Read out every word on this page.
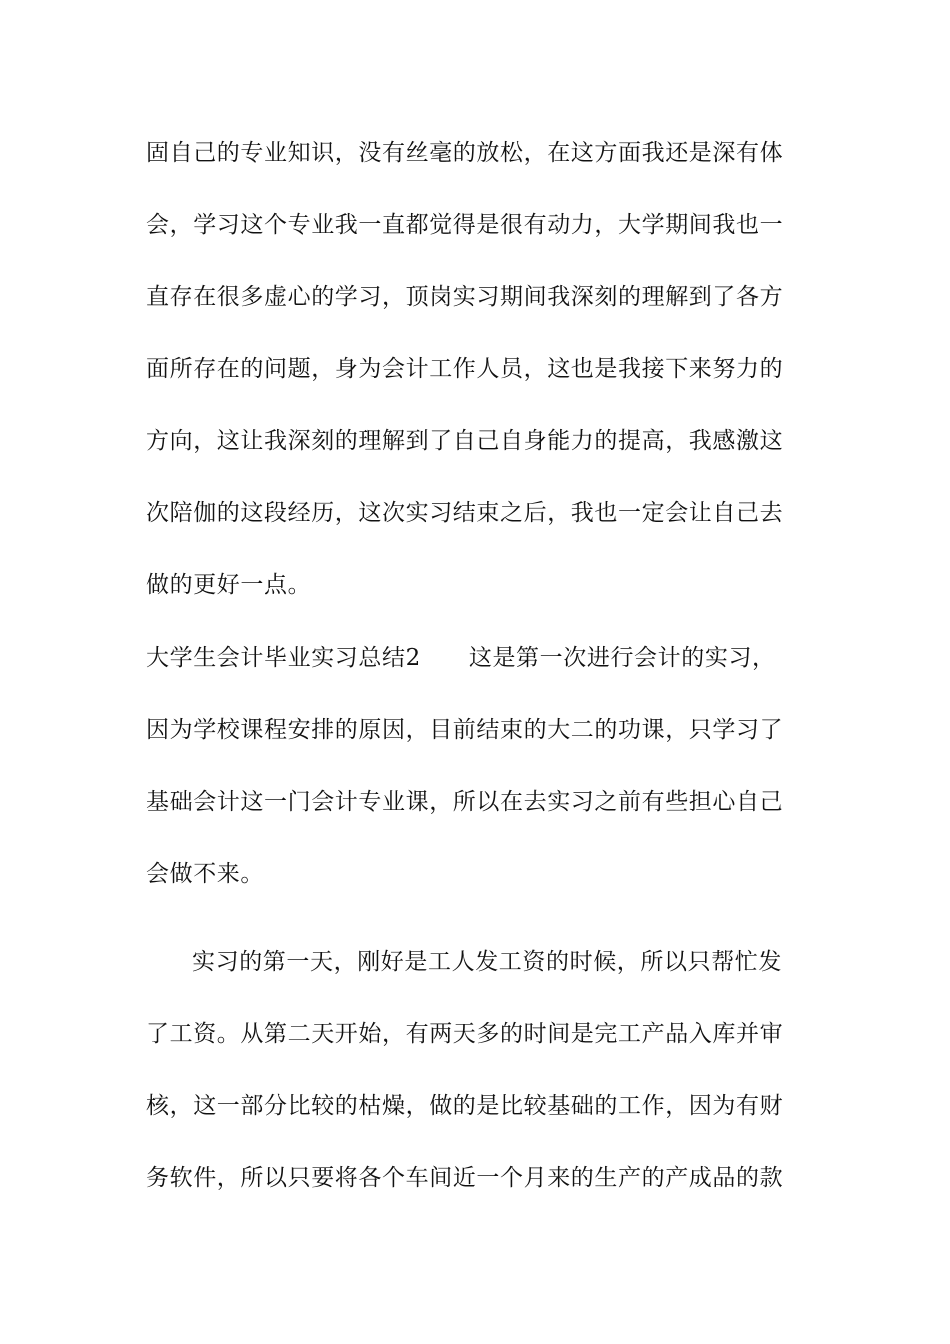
固自己的专业知识，没有丝毫的放松，在这方面我还是深有体
会，学习这个专业我一直都觉得是很有动力，大学期间我也一
直存在很多虚心的学习，顶岗实习期间我深刻的理解到了各方
面所存在的问题，身为会计工作人员，这也是我接下来努力的
方向，这让我深刻的理解到了自己自身能力的提高，我感激这
次陪伽的这段经历，这次实习结束之后，我也一定会让自己去
做的更好一点。
大学生会计毕业实习总结2 这是第一次进行会计的实习，
因为学校课程安排的原因，目前结束的大二的功课，只学习了
基础会计这一门会计专业课，所以在去实习之前有些担心自己
会做不来。
实习的第一天，刚好是工人发工资的时候，所以只帮忙发
了工资。从第二天开始，有两天多的时间是完工产品入库并审
核，这一部分比较的枯燥，做的是比较基础的工作，因为有财
务软件，所以只要将各个车间近一个月来的生产的产成品的款
